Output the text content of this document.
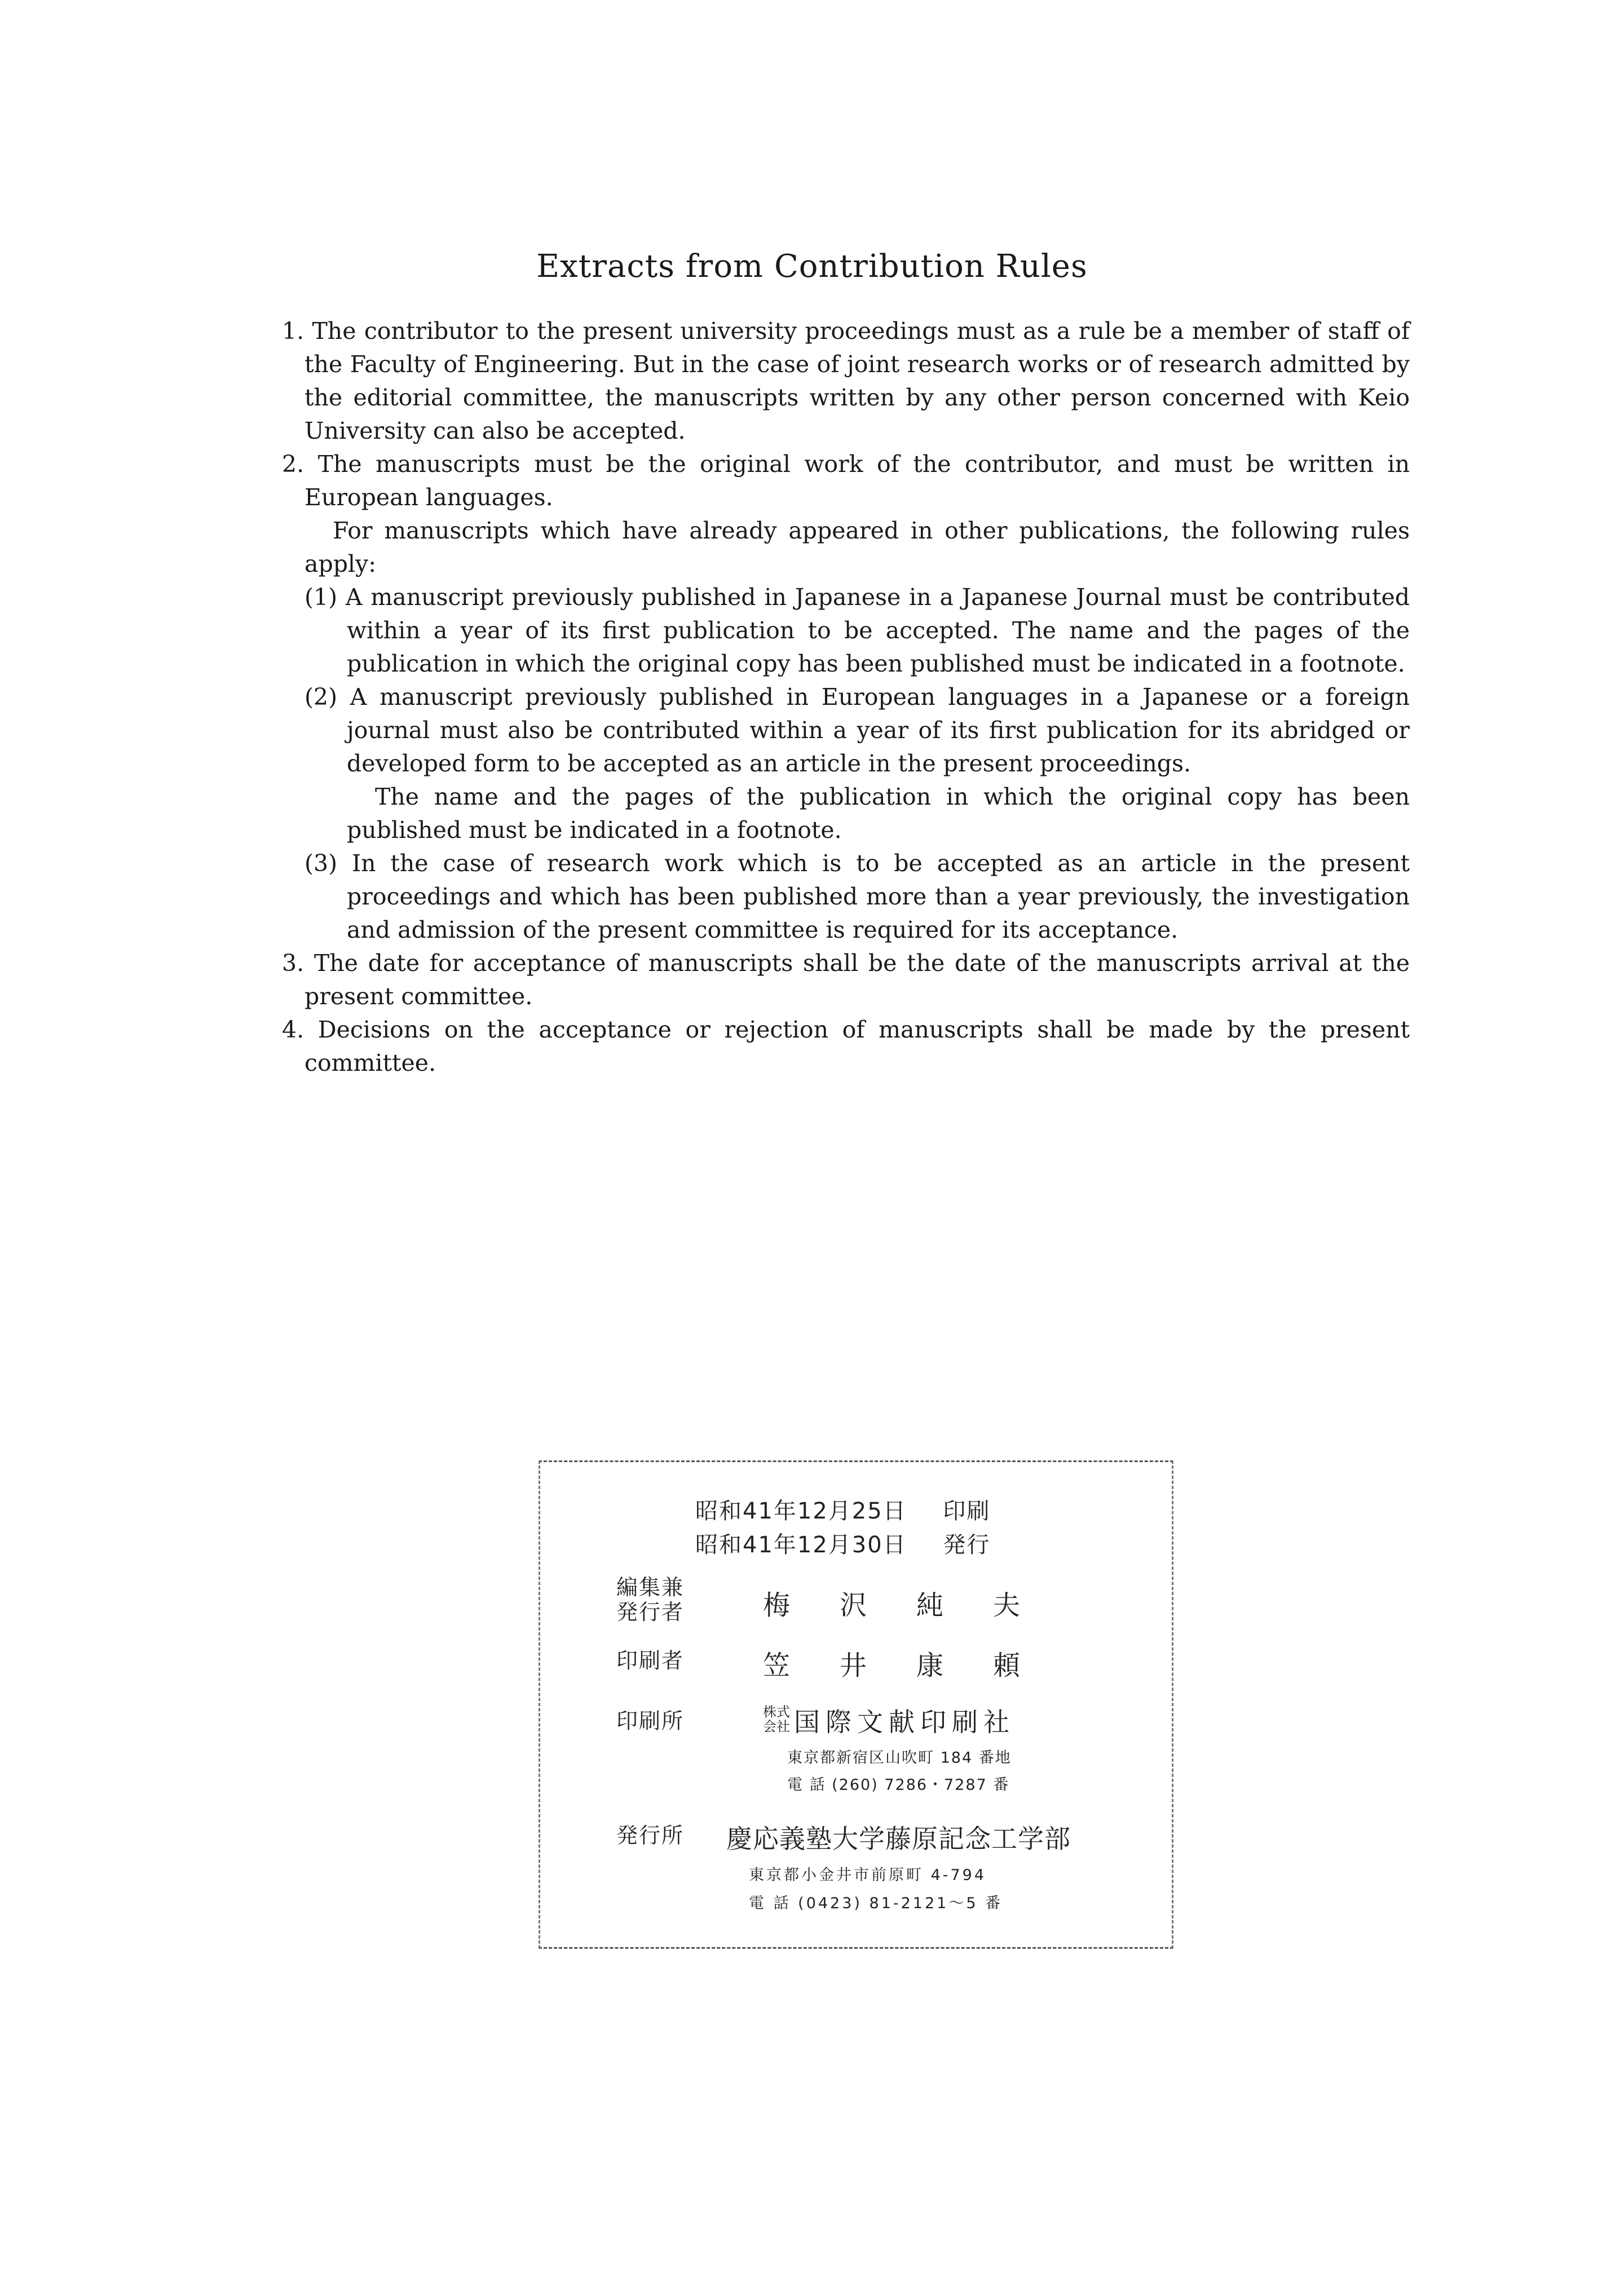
Extracts from Contribution Rules

1. The contributor to the present university proceedings must as a rule be a member of staff of the Faculty of Engineering. But in the case of joint research works or of research admitted by the editorial committee, the manuscripts written by any other person concerned with Keio University can also be accepted.

2. The manuscripts must be the original work of the contributor, and must be written in European languages.

For manuscripts which have already appeared in other publications, the following rules apply:

(1) A manuscript previously published in Japanese in a Japanese Journal must be contributed within a year of its first publication to be accepted. The name and the pages of the publication in which the original copy has been published must be indicated in a footnote.

(2) A manuscript previously published in European languages in a Japanese or a foreign journal must also be contributed within a year of its first publication for its abridged or developed form to be accepted as an article in the present proceedings.

The name and the pages of the publication in which the original copy has been published must be indicated in a footnote.

(3) In the case of research work which is to be accepted as an article in the present proceedings and which has been published more than a year previously, the investigation and admission of the present committee is required for its acceptance.

3. The date for acceptance of manuscripts shall be the date of the manuscripts arrival at the present committee.

4. Decisions on the acceptance or rejection of manuscripts shall be made by the present committee.

昭和41年12月25日 印刷
昭和41年12月30日 発行
編集兼
発行者	梅沢純夫
印刷者	笠井康頼
印刷所	株式
会社 国際文献印刷社
東京都新宿区山吹町 184 番地
電 話 (260) 7286・7287 番
発行所 慶応義塾大学藤原記念工学部
東京都小金井市前原町 4-794
電 話 (0423) 81-2121～5 番
